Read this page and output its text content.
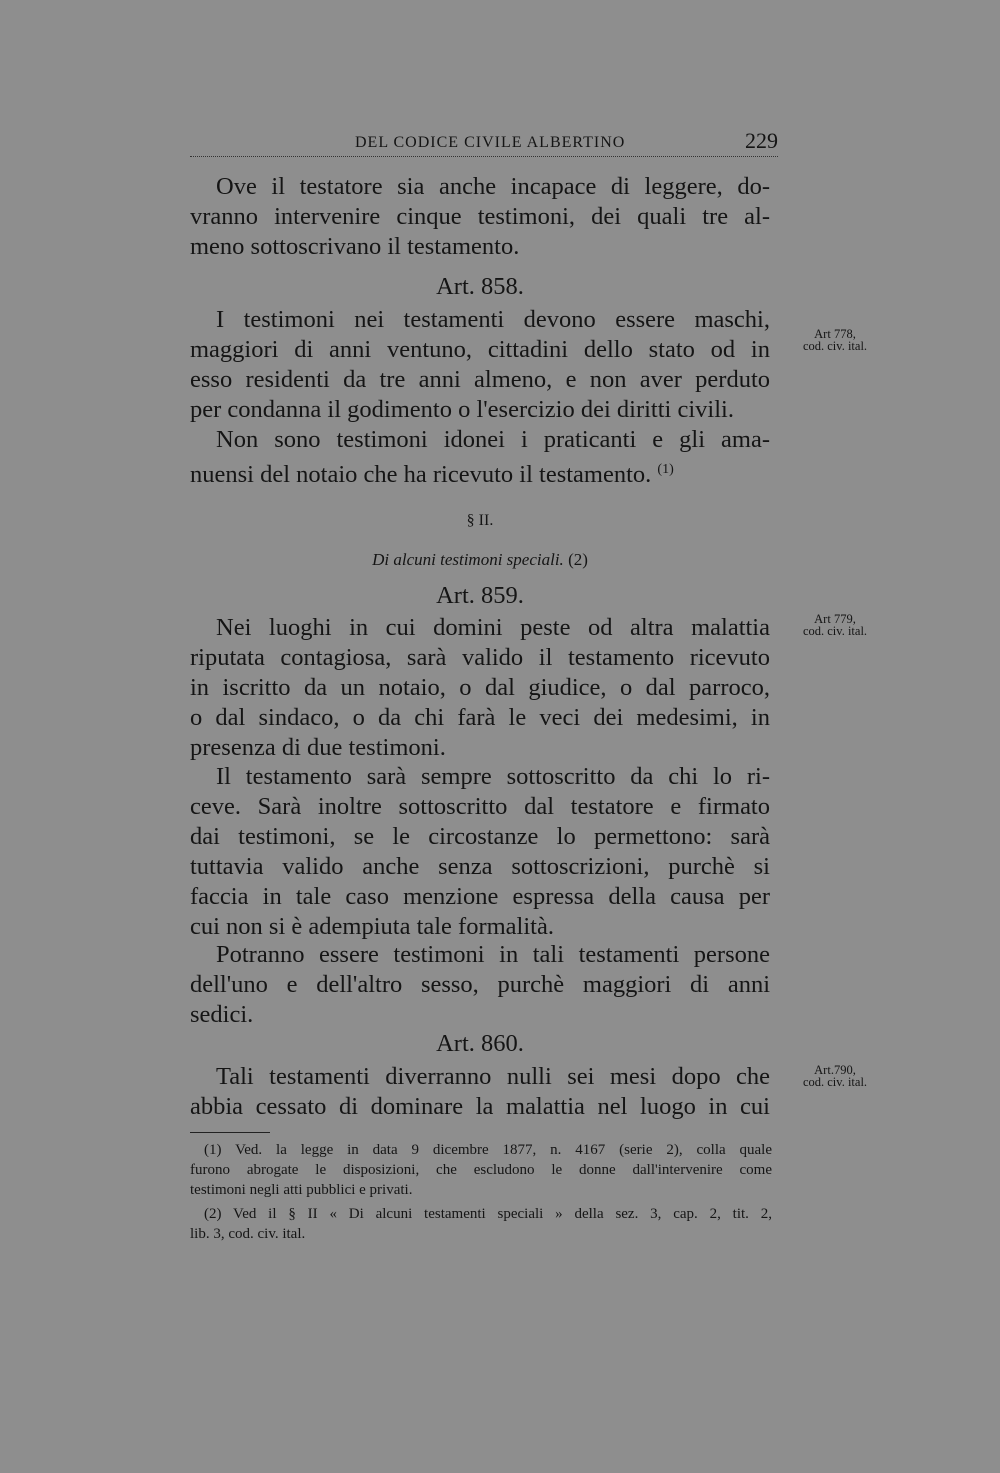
DEL CODICE CIVILE ALBERTINO	229
Ove il testatore sia anche incapace di leggere, do-
vranno intervenire cinque testimoni, dei quali tre al-
meno sottoscrivano il testamento.
Art. 858.
I testimoni nei testamenti devono essere maschi,
maggiori di anni ventuno, cittadini dello stato od in
esso residenti da tre anni almeno, e non aver perduto
per condanna il godimento o l'esercizio dei diritti civili.
Non sono testimoni idonei i praticanti e gli ama-
nuensi del notaio che ha ricevuto il testamento. $^{(1)}$
Art 778,
cod. civ. ital.
§ II.
Di alcuni testimoni speciali. (2)
Art. 859.
Nei luoghi in cui domini peste od altra malattia
riputata contagiosa, sarà valido il testamento ricevuto
in iscritto da un notaio, o dal giudice, o dal parroco,
o dal sindaco, o da chi farà le veci dei medesimi, in
presenza di due testimoni.
Il testamento sarà sempre sottoscritto da chi lo ri-
ceve. Sarà inoltre sottoscritto dal testatore e firmato
dai testimoni, se le circostanze lo permettono: sarà
tuttavia valido anche senza sottoscrizioni, purchè si
faccia in tale caso menzione espressa della causa per
cui non si è adempiuta tale formalità.
Potranno essere testimoni in tali testamenti persone
dell'uno e dell'altro sesso, purchè maggiori di anni
sedici.
Art 779,
cod. civ. ital.
Art. 860.
Tali testamenti diverranno nulli sei mesi dopo che
abbia cessato di dominare la malattia nel luogo in cui
Art.790,
cod. civ. ital.
(1) Ved. la legge in data 9 dicembre 1877, n. 4167 (serie 2), colla quale
furono abrogate le disposizioni, che escludono le donne dall'intervenire come
testimoni negli atti pubblici e privati.
(2) Ved il § II « Di alcuni testamenti speciali » della sez. 3, cap. 2, tit. 2,
lib. 3, cod. civ. ital.
